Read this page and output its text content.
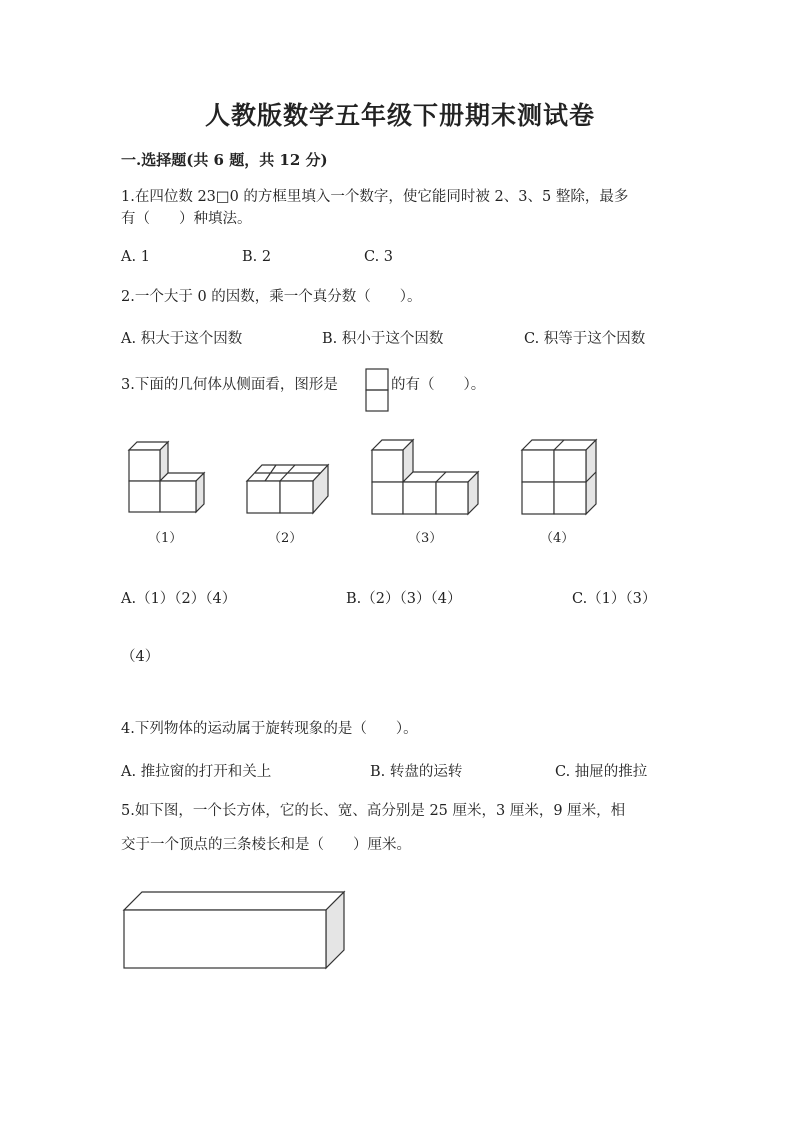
人教版数学五年级下册期末测试卷
一.选择题(共 6 题，共 12 分)
1.在四位数 23□0 的方框里填入一个数字，使它能同时被 2、3、5 整除，最多
有（　　）种填法。
A. 1	B. 2	C. 3
2.一个大于 0 的因数，乘一个真分数（　　）。
A. 积大于这个因数	B. 积小于这个因数	C. 积等于这个因数
3.下面的几何体从侧面看，图形是	的有（　　）。
（1）	（2）	（3）	（4）
A.（1）（2）（4）	B.（2）（3）（4）	C.（1）（3）
（4）
4.下列物体的运动属于旋转现象的是（　　）。
A. 推拉窗的打开和关上	B. 转盘的运转	C. 抽屉的推拉
5.如下图，一个长方体，它的长、宽、高分别是 25 厘米，3 厘米，9 厘米，相
交于一个顶点的三条棱长和是（　　）厘米。
